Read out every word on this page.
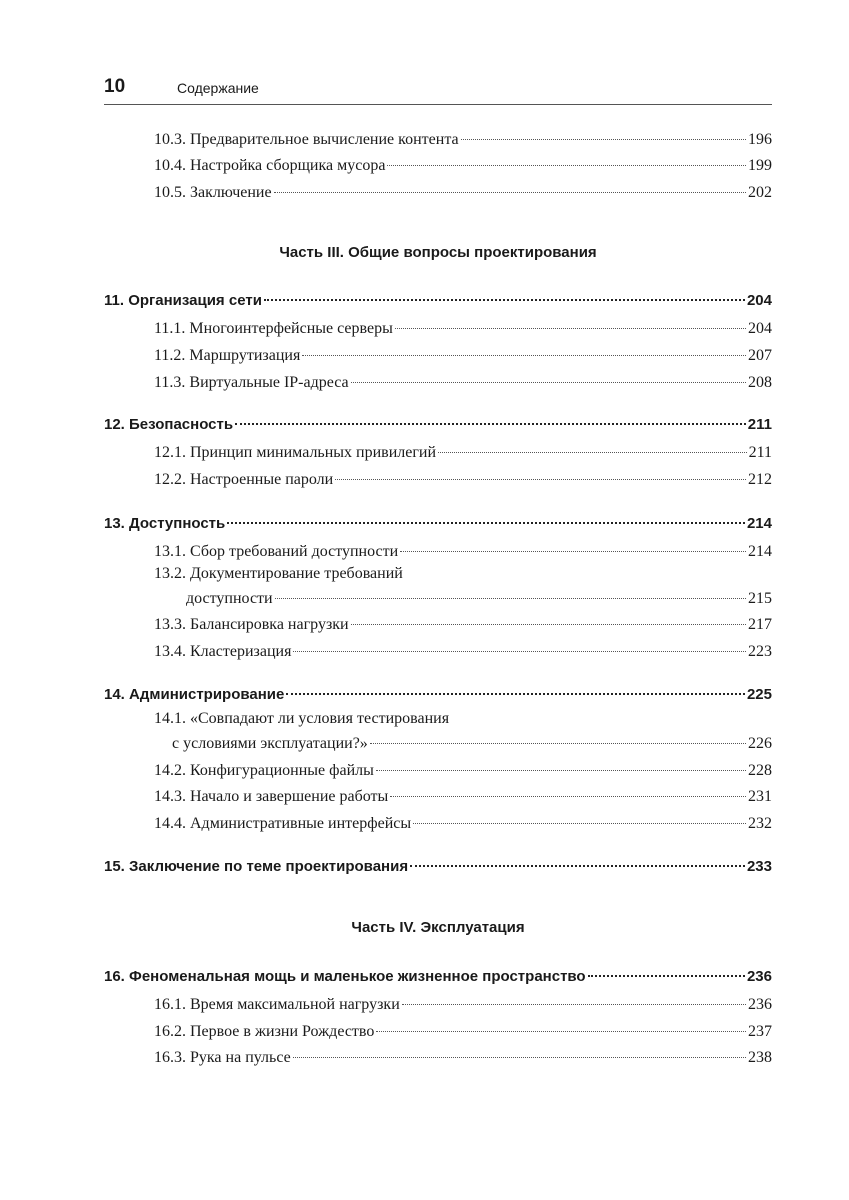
10	Содержание
10.3. Предварительное вычисление контента	196
10.4. Настройка сборщика мусора	199
10.5. Заключение	202
Часть III. Общие вопросы проектирования
11. Организация сети	204
11.1. Многоинтерфейсные серверы	204
11.2. Маршрутизация	207
11.3. Виртуальные IP-адреса	208
12. Безопасность	211
12.1. Принцип минимальных привилегий	211
12.2. Настроенные пароли	212
13. Доступность	214
13.1. Сбор требований доступности	214
13.2. Документирование требований
доступности	215
13.3. Балансировка нагрузки	217
13.4. Кластеризация	223
14. Администрирование	225
14.1. «Совпадают ли условия тестирования
с условиями эксплуатации?»	226
14.2. Конфигурационные файлы	228
14.3. Начало и завершение работы	231
14.4. Административные интерфейсы	232
15. Заключение по теме проектирования	233
Часть IV. Эксплуатация
16. Феноменальная мощь и маленькое жизненное пространство	236
16.1. Время максимальной нагрузки	236
16.2. Первое в жизни Рождество	237
16.3. Рука на пульсе	238
